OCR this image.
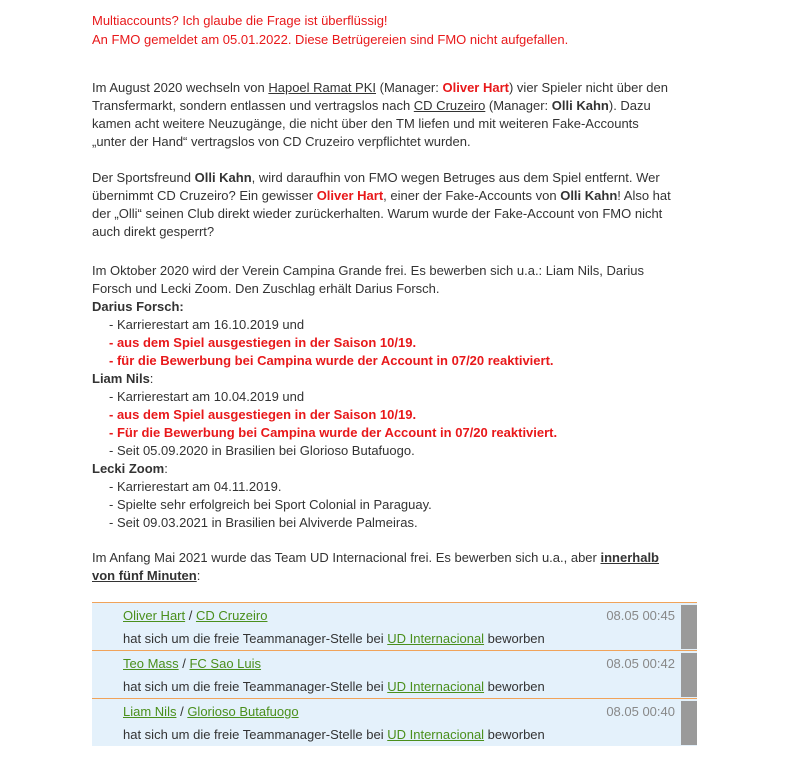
Multiaccounts? Ich glaube die Frage ist überflüssig!
An FMO gemeldet am 05.01.2022. Diese Betrügereien sind FMO nicht aufgefallen.
Im August 2020 wechseln von Hapoel Ramat PKI (Manager: Oliver Hart) vier Spieler nicht über den
Transfermarkt, sondern entlassen und vertragslos nach CD Cruzeiro (Manager: Olli Kahn). Dazu
kamen acht weitere Neuzugänge, die nicht über den TM liefen und mit weiteren Fake-Accounts
„unter der Hand“ vertragslos von CD Cruzeiro verpflichtet wurden.
Der Sportsfreund Olli Kahn, wird daraufhin von FMO wegen Betruges aus dem Spiel entfernt. Wer
übernimmt CD Cruzeiro? Ein gewisser Oliver Hart, einer der Fake-Accounts von Olli Kahn! Also hat
der „Olli“ seinen Club direkt wieder zurückerhalten. Warum wurde der Fake-Account von FMO nicht
auch direkt gesperrt?
Im Oktober 2020 wird der Verein Campina Grande frei. Es bewerben sich u.a.: Liam Nils, Darius
Forsch und Lecki Zoom. Den Zuschlag erhält Darius Forsch.
Darius Forsch:
- Karrierestart am 16.10.2019 und
- aus dem Spiel ausgestiegen in der Saison 10/19.
- für die Bewerbung bei Campina wurde der Account in 07/20 reaktiviert.
Liam Nils:
- Karrierestart am 10.04.2019 und
- aus dem Spiel ausgestiegen in der Saison 10/19.
- Für die Bewerbung bei Campina wurde der Account in 07/20 reaktiviert.
- Seit 05.09.2020 in Brasilien bei Glorioso Butafuogo.
Lecki Zoom:
- Karrierestart am 04.11.2019.
- Spielte sehr erfolgreich bei Sport Colonial in Paraguay.
- Seit 09.03.2021 in Brasilien bei Alviverde Palmeiras.
Im Anfang Mai 2021 wurde das Team UD Internacional frei. Es bewerben sich u.a., aber innerhalb
von fünf Minuten:
Oliver Hart / CD Cruzeiro	08.05 00:45
hat sich um die freie Teammanager-Stelle bei UD Internacional beworben
Teo Mass / FC Sao Luis	08.05 00:42
hat sich um die freie Teammanager-Stelle bei UD Internacional beworben
Liam Nils / Glorioso Butafuogo	08.05 00:40
hat sich um die freie Teammanager-Stelle bei UD Internacional beworben
